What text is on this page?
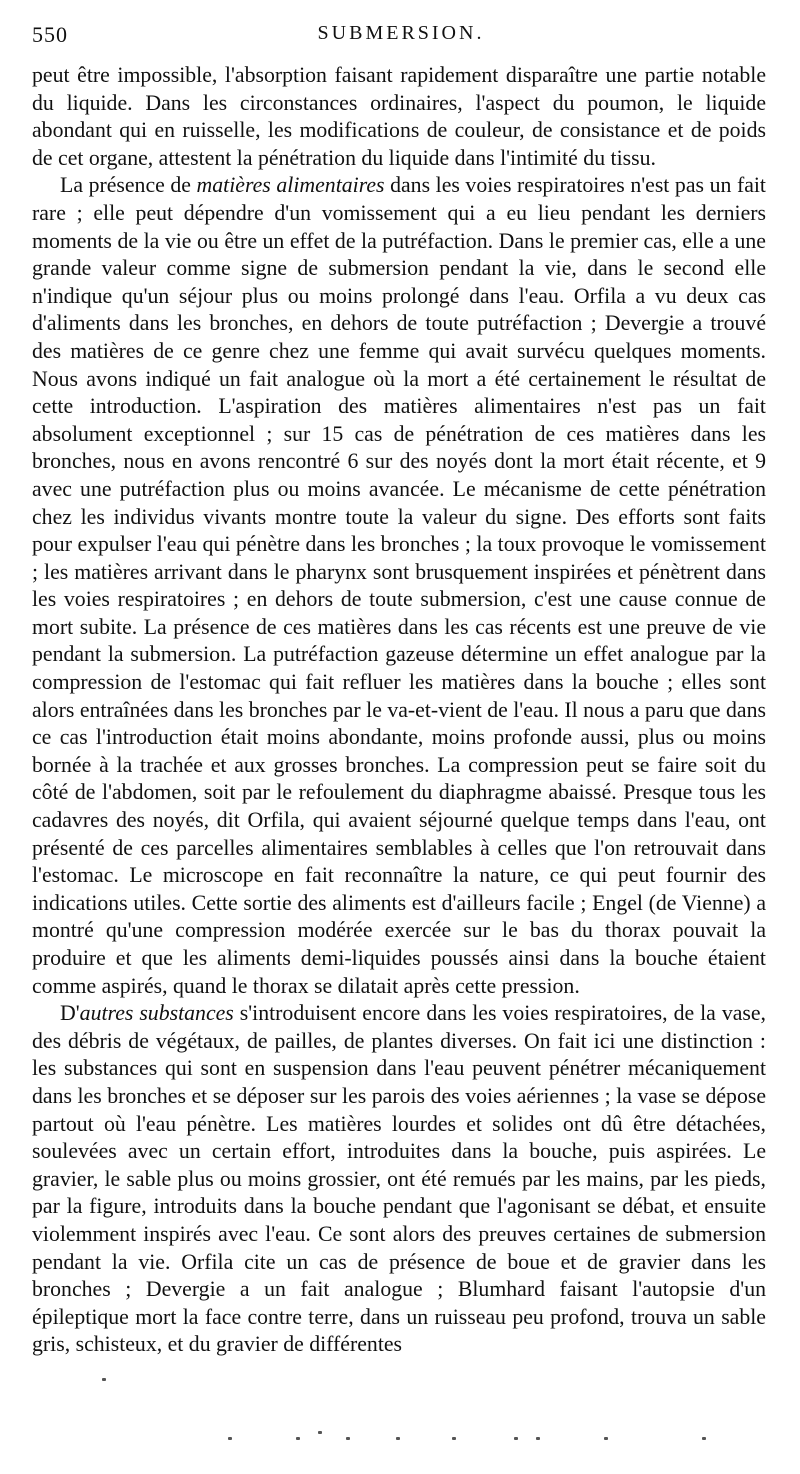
550	SUBMERSION.

peut être impossible, l'absorption faisant rapidement disparaître une partie notable du liquide. Dans les circonstances ordinaires, l'aspect du poumon, le liquide abondant qui en ruisselle, les modifications de couleur, de consistance et de poids de cet organe, attestent la pénétration du liquide dans l'intimité du tissu.

La présence de matières alimentaires dans les voies respiratoires n'est pas un fait rare ; elle peut dépendre d'un vomissement qui a eu lieu pendant les derniers moments de la vie ou être un effet de la putréfaction. Dans le premier cas, elle a une grande valeur comme signe de submersion pendant la vie, dans le second elle n'indique qu'un séjour plus ou moins prolongé dans l'eau. Orfila a vu deux cas d'aliments dans les bronches, en dehors de toute putréfaction ; Devergie a trouvé des matières de ce genre chez une femme qui avait survécu quelques moments. Nous avons indiqué un fait analogue où la mort a été certainement le résultat de cette introduction. L'aspiration des matières alimentaires n'est pas un fait absolument exceptionnel ; sur 15 cas de pénétration de ces matières dans les bronches, nous en avons rencontré 6 sur des noyés dont la mort était récente, et 9 avec une putréfaction plus ou moins avancée. Le mécanisme de cette pénétration chez les individus vivants montre toute la valeur du signe. Des efforts sont faits pour expulser l'eau qui pénètre dans les bronches ; la toux provoque le vomissement ; les matières arrivant dans le pharynx sont brusquement inspirées et pénètrent dans les voies respiratoires ; en dehors de toute submersion, c'est une cause connue de mort subite. La présence de ces matières dans les cas récents est une preuve de vie pendant la submersion. La putréfaction gazeuse détermine un effet analogue par la compression de l'estomac qui fait refluer les matières dans la bouche ; elles sont alors entraînées dans les bronches par le va-et-vient de l'eau. Il nous a paru que dans ce cas l'introduction était moins abondante, moins profonde aussi, plus ou moins bornée à la trachée et aux grosses bronches. La compression peut se faire soit du côté de l'abdomen, soit par le refoulement du diaphragme abaissé. Presque tous les cadavres des noyés, dit Orfila, qui avaient séjourné quelque temps dans l'eau, ont présenté de ces parcelles alimentaires semblables à celles que l'on retrouvait dans l'estomac. Le microscope en fait reconnaître la nature, ce qui peut fournir des indications utiles. Cette sortie des aliments est d'ailleurs facile ; Engel (de Vienne) a montré qu'une compression modérée exercée sur le bas du thorax pouvait la produire et que les aliments demi-liquides poussés ainsi dans la bouche étaient comme aspirés, quand le thorax se dilatait après cette pression.

D'autres substances s'introduisent encore dans les voies respiratoires, de la vase, des débris de végétaux, de pailles, de plantes diverses. On fait ici une distinction : les substances qui sont en suspension dans l'eau peuvent pénétrer mécaniquement dans les bronches et se déposer sur les parois des voies aériennes ; la vase se dépose partout où l'eau pénètre. Les matières lourdes et solides ont dû être détachées, soulevées avec un certain effort, introduites dans la bouche, puis aspirées. Le gravier, le sable plus ou moins grossier, ont été remués par les mains, par les pieds, par la figure, introduits dans la bouche pendant que l'agonisant se débat, et ensuite violemment inspirés avec l'eau. Ce sont alors des preuves certaines de submersion pendant la vie. Orfila cite un cas de présence de boue et de gravier dans les bronches ; Devergie a un fait analogue ; Blumhard faisant l'autopsie d'un épileptique mort la face contre terre, dans un ruisseau peu profond, trouva un sable gris, schisteux, et du gravier de différentes
